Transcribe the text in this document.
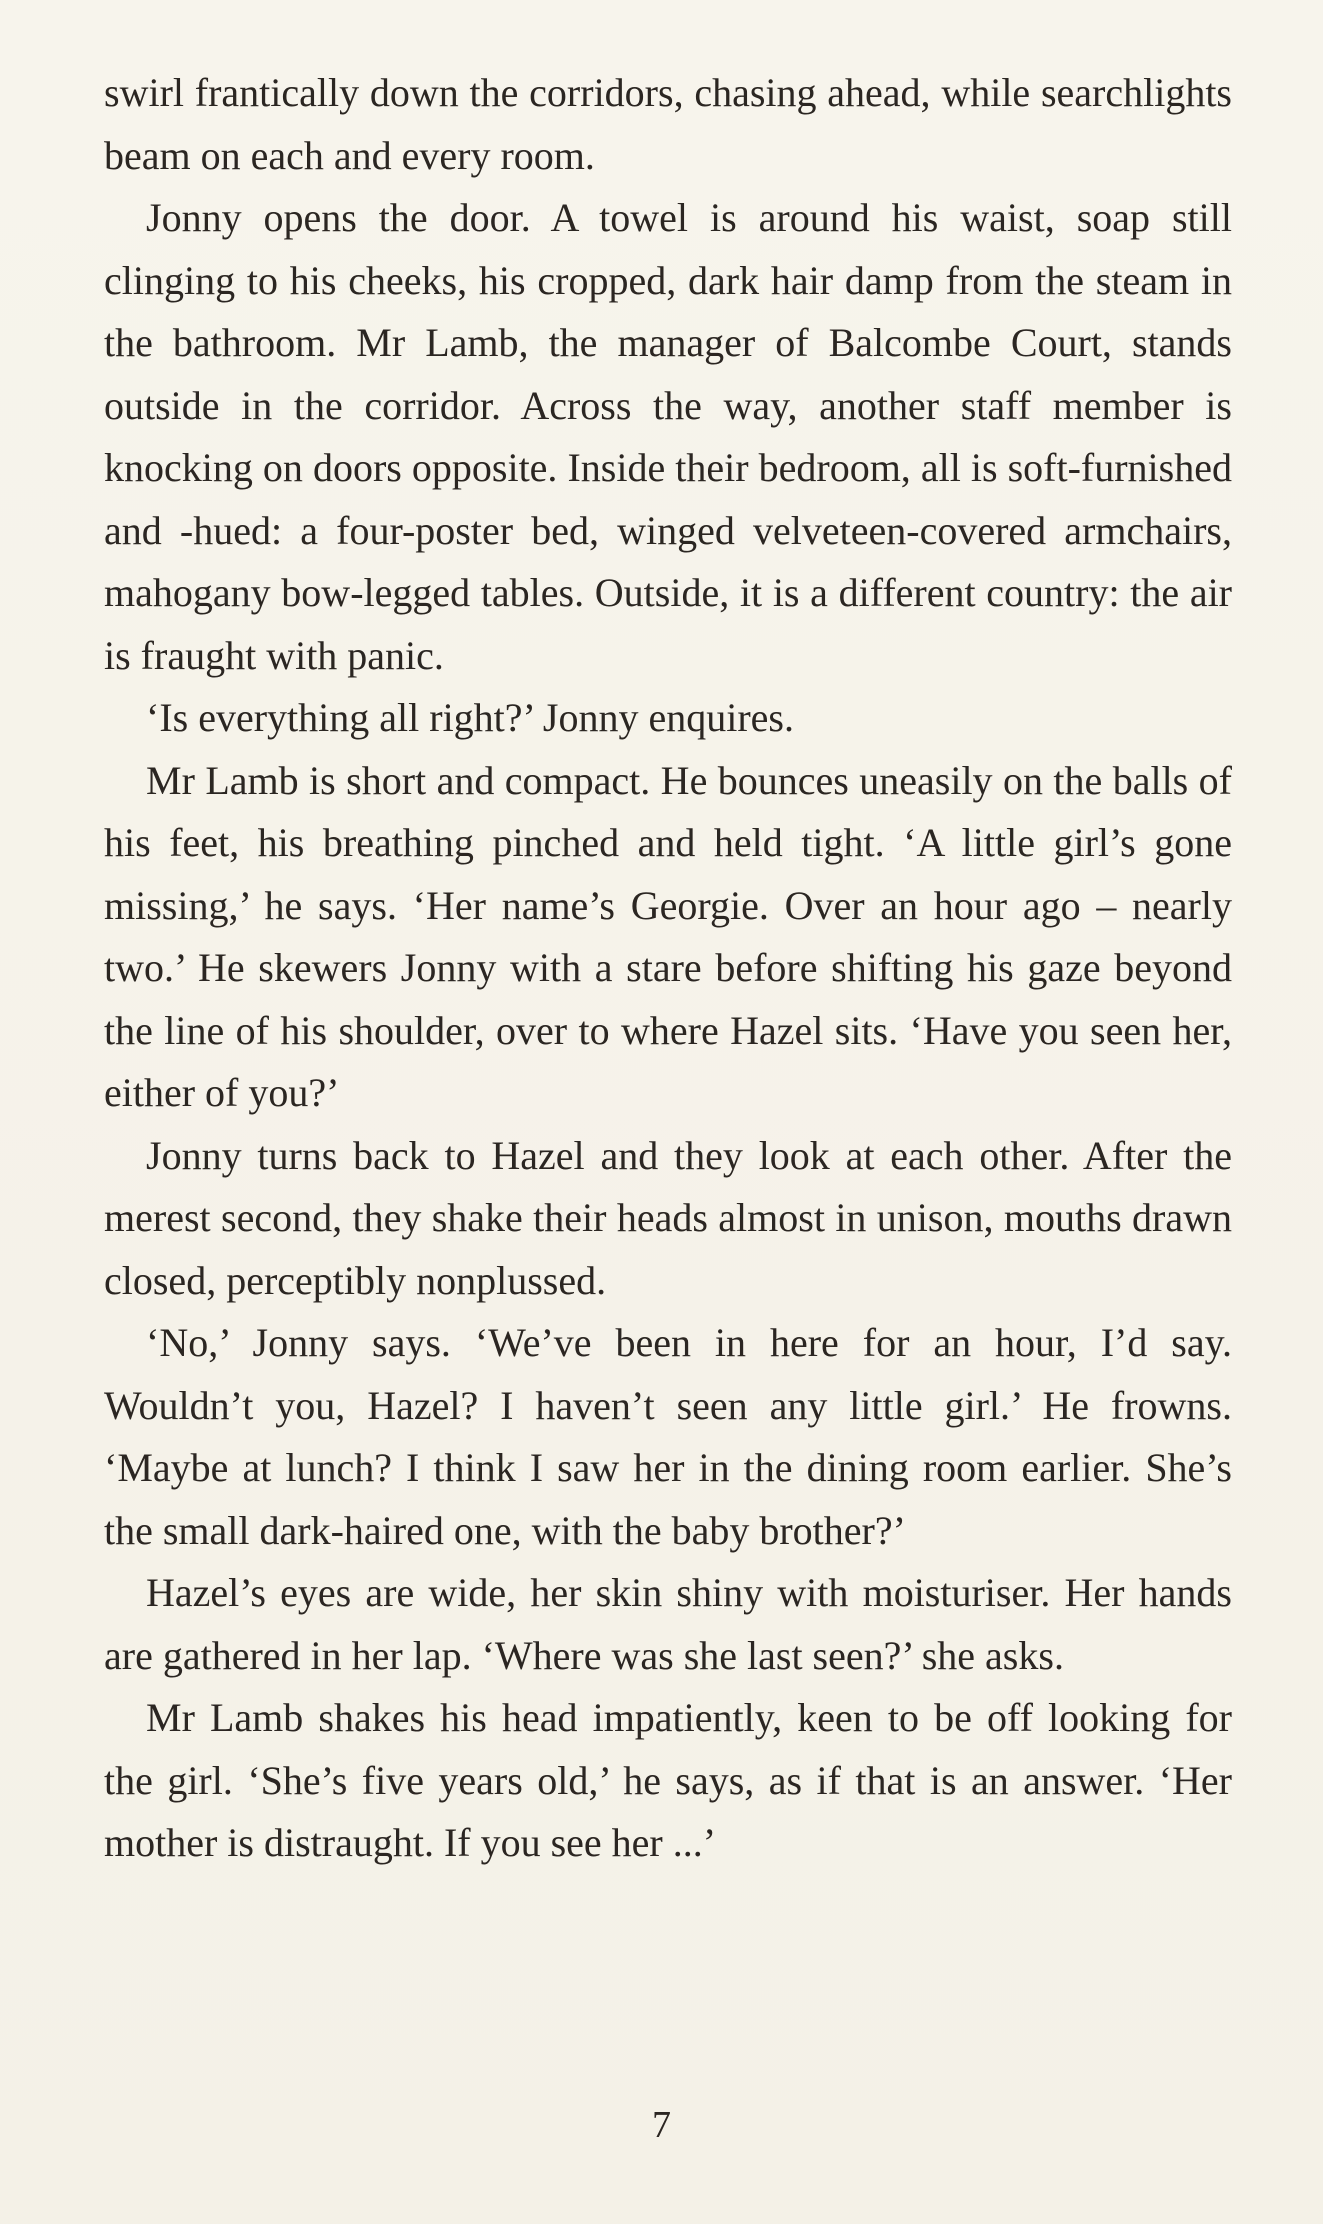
swirl frantically down the corridors, chasing ahead, while searchlights beam on each and every room.

Jonny opens the door. A towel is around his waist, soap still clinging to his cheeks, his cropped, dark hair damp from the steam in the bathroom. Mr Lamb, the manager of Balcombe Court, stands outside in the corridor. Across the way, another staff member is knocking on doors opposite. Inside their bedroom, all is soft-furnished and -hued: a four-poster bed, winged velveteen-covered armchairs, mahogany bow-legged tables. Outside, it is a different country: the air is fraught with panic.

‘Is everything all right?’ Jonny enquires.

Mr Lamb is short and compact. He bounces uneasily on the balls of his feet, his breathing pinched and held tight. ‘A little girl’s gone missing,’ he says. ‘Her name’s Georgie. Over an hour ago – nearly two.’ He skewers Jonny with a stare before shifting his gaze beyond the line of his shoulder, over to where Hazel sits. ‘Have you seen her, either of you?’

Jonny turns back to Hazel and they look at each other. After the merest second, they shake their heads almost in unison, mouths drawn closed, perceptibly nonplussed.

‘No,’ Jonny says. ‘We’ve been in here for an hour, I’d say. Wouldn’t you, Hazel? I haven’t seen any little girl.’ He frowns. ‘Maybe at lunch? I think I saw her in the dining room earlier. She’s the small dark-haired one, with the baby brother?’

Hazel’s eyes are wide, her skin shiny with moisturiser. Her hands are gathered in her lap. ‘Where was she last seen?’ she asks.

Mr Lamb shakes his head impatiently, keen to be off looking for the girl. ‘She’s five years old,’ he says, as if that is an answer. ‘Her mother is distraught. If you see her ...’

7
